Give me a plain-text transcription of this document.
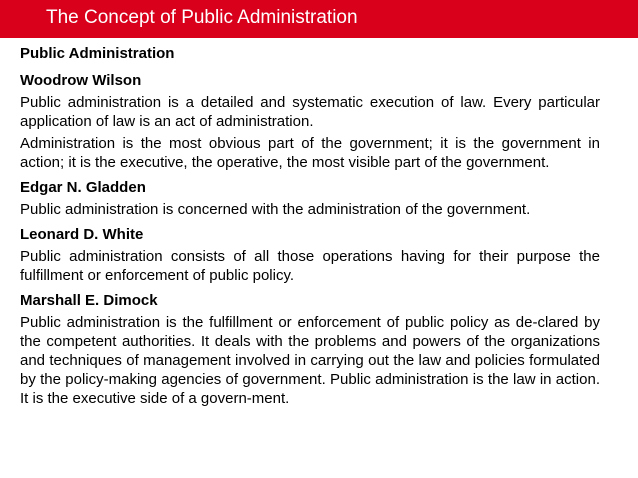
The Concept of Public Administration
Public Administration
Woodrow Wilson
Public administration is a detailed and systematic execution of law. Every particular application of law is an act of administration.
Administration is the most obvious part of the government; it is the government in action; it is the executive, the operative, the most visible part of the government.
Edgar N. Gladden
Public administration is concerned with the administration of the government.
Leonard D. White
Public administration consists of all those operations having for their purpose the fulfillment or enforcement of public policy.
Marshall E. Dimock
Public administration is the fulfillment or enforcement of public policy as de-clared by the competent authorities. It deals with the problems and powers of the organizations and techniques of management involved in carrying out the law and policies formulated by the policy-making agencies of government. Public administration is the law in action. It is the executive side of a govern-ment.
